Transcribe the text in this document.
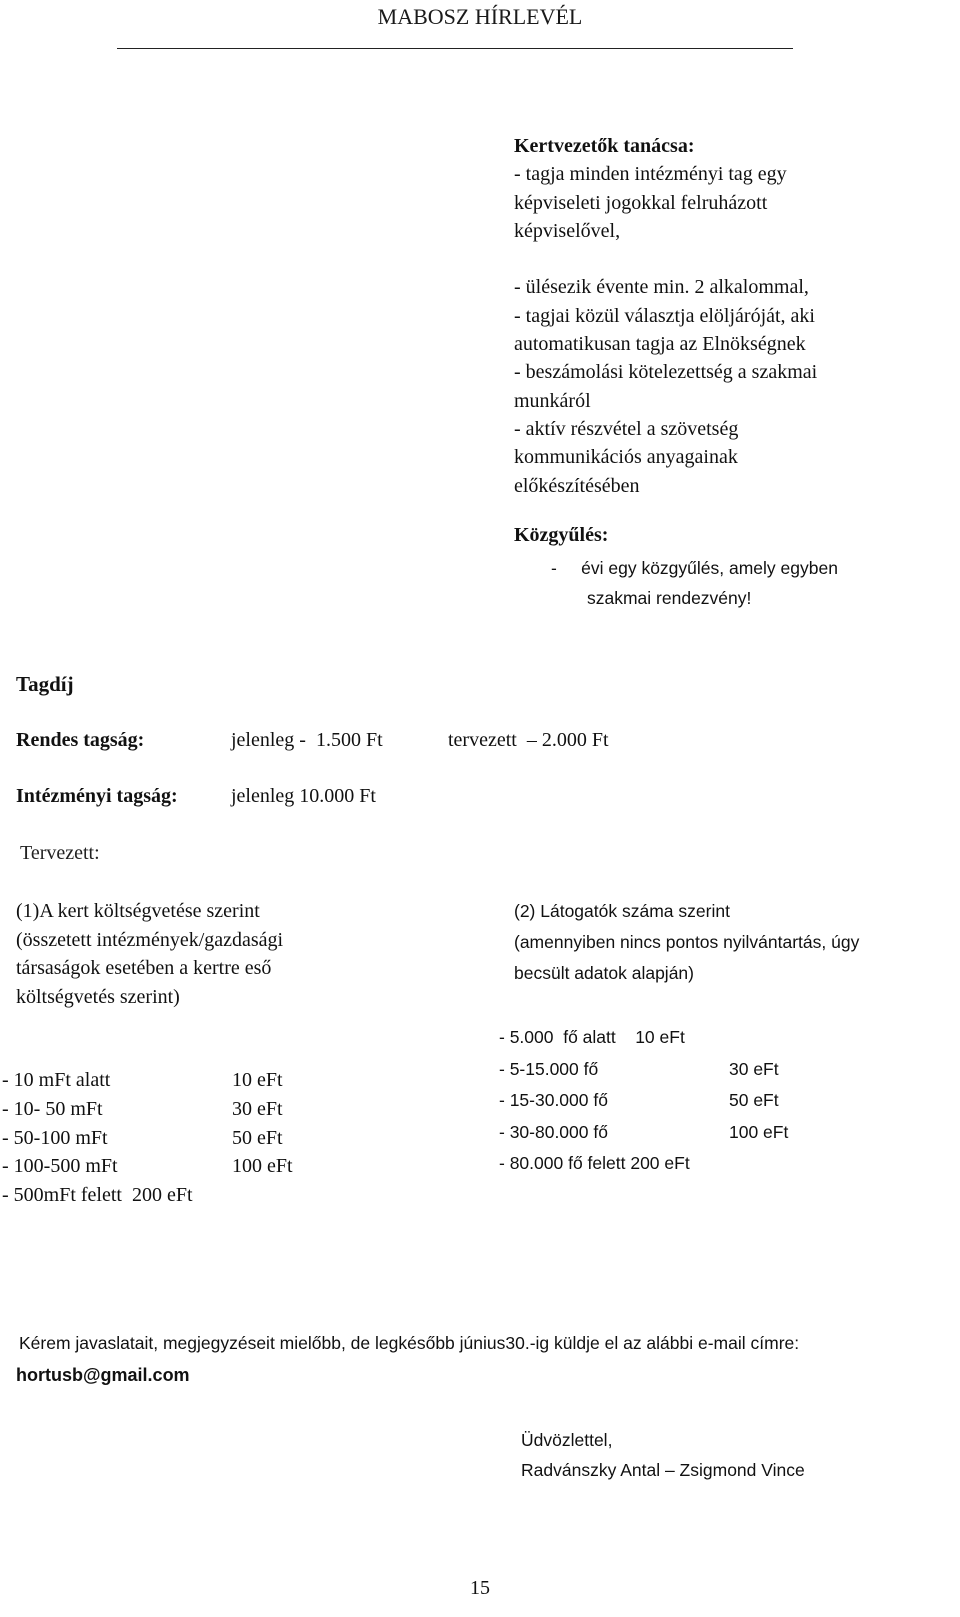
MABOSZ HÍRLEVÉL

Kertvezetők tanácsa:
- tagja minden intézményi tag egy
képviseleti jogokkal felruházott
képviselővel,

- ülésezik évente min. 2 alkalommal,
- tagjai közül választja elöljáróját, aki
automatikusan tagja az Elnökségnek
- beszámolási kötelezettség a szakmai
munkáról
- aktív részvétel a szövetség
kommunikációs anyagainak
előkészítésében

Közgyűlés:

-     évi egy közgyűlés, amely egyben
szakmai rendezvény!

Tagdíj

Rendes tagság:	jelenleg -  1.500 Ft	tervezett  – 2.000 Ft

Intézményi tagság:	jelenleg 10.000 Ft

Tervezett:

(1)A kert költségvetése szerint
(összetett intézmények/gazdasági
társaságok esetében a kertre eső
költségvetés szerint)
- 10 mFt alatt	10 eFt
- 10- 50 mFt	30 eFt
- 50-100 mFt	50 eFt
- 100-500 mFt	100 eFt
- 500mFt felett  200 eFt
(2) Látogatók száma szerint
(amennyiben nincs pontos nyilvántartás, úgy
becsült adatok alapján)
- 5.000  fő alatt    10 eFt
- 5-15.000 fő	30 eFt
- 15-30.000 fő	50 eFt
- 30-80.000 fő	100 eFt
- 80.000 fő felett 200 eFt

Kérem javaslatait, megjegyzéseit mielőbb, de legkésőbb június30.-ig küldje el az alábbi e-mail címre:

hortusb@gmail.com

Üdvözlettel,

Radvánszky Antal – Zsigmond Vince

15
